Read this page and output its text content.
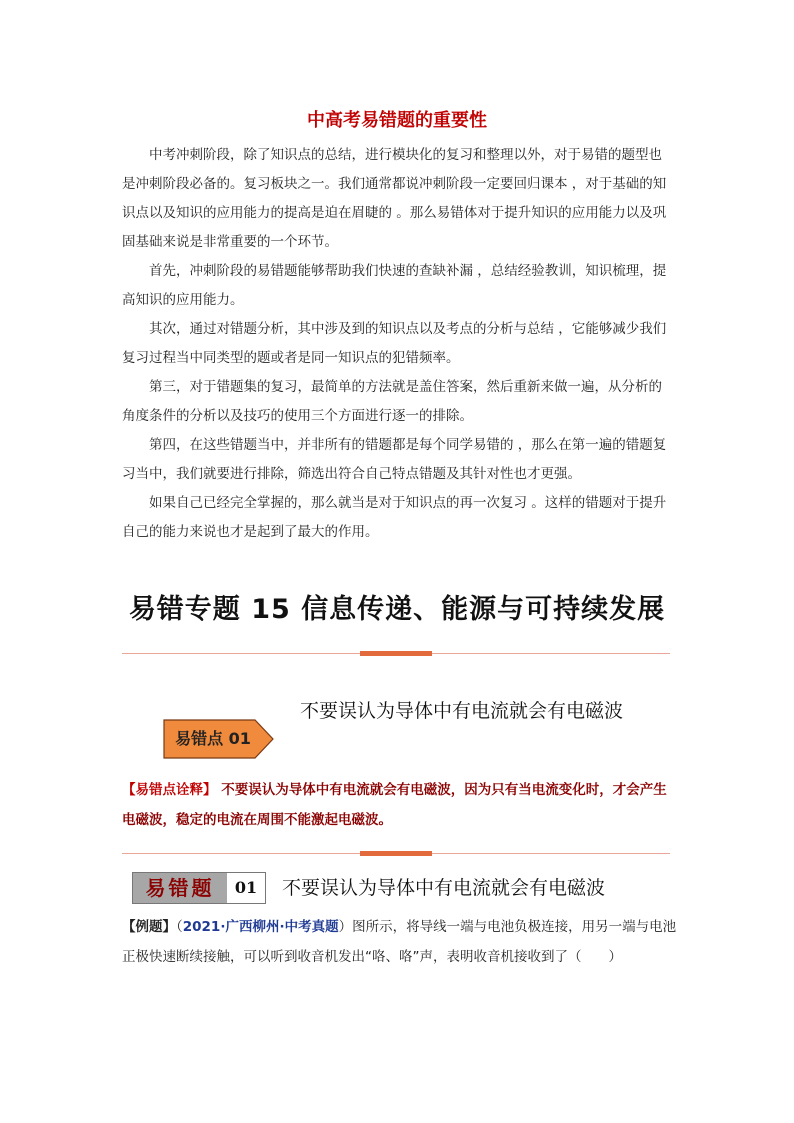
中高考易错题的重要性

中考冲刺阶段，除了知识点的总结，进行模块化的复习和整理以外，对于易错的题型也是冲刺阶段必备的。复习板块之一。我们通常都说冲刺阶段一定要回归课本 ，对于基础的知识点以及知识的应用能力的提高是迫在眉睫的 。那么易错体对于提升知识的应用能力以及巩固基础来说是非常重要的一个环节。

首先，冲刺阶段的易错题能够帮助我们快速的查缺补漏 ，总结经验教训，知识梳理，提高知识的应用能力。

其次，通过对错题分析，其中涉及到的知识点以及考点的分析与总结 ，它能够减少我们复习过程当中同类型的题或者是同一知识点的犯错频率。

第三，对于错题集的复习，最简单的方法就是盖住答案，然后重新来做一遍，从分析的角度条件的分析以及技巧的使用三个方面进行逐一的排除。

第四，在这些错题当中，并非所有的错题都是每个同学易错的 ，那么在第一遍的错题复习当中，我们就要进行排除，筛选出符合自己特点错题及其针对性也才更强。

如果自己已经完全掌握的，那么就当是对于知识点的再一次复习 。这样的错题对于提升自己的能力来说也才是起到了最大的作用。

易错专题 15 信息传递、能源与可持续发展
易错点 01

不要误认为导体中有电流就会有电磁波

【易错点诠释】 不要误认为导体中有电流就会有电磁波，因为只有当电流变化时，才会产生电磁波，稳定的电流在周围不能激起电磁波。

易错题	01	不要误认为导体中有电流就会有电磁波

【例题】（2021·广西柳州·中考真题）图所示，将导线一端与电池负极连接，用另一端与电池正极快速断续接触，可以听到收音机发出“咯、咯”声，表明收音机接收到了（　　）
